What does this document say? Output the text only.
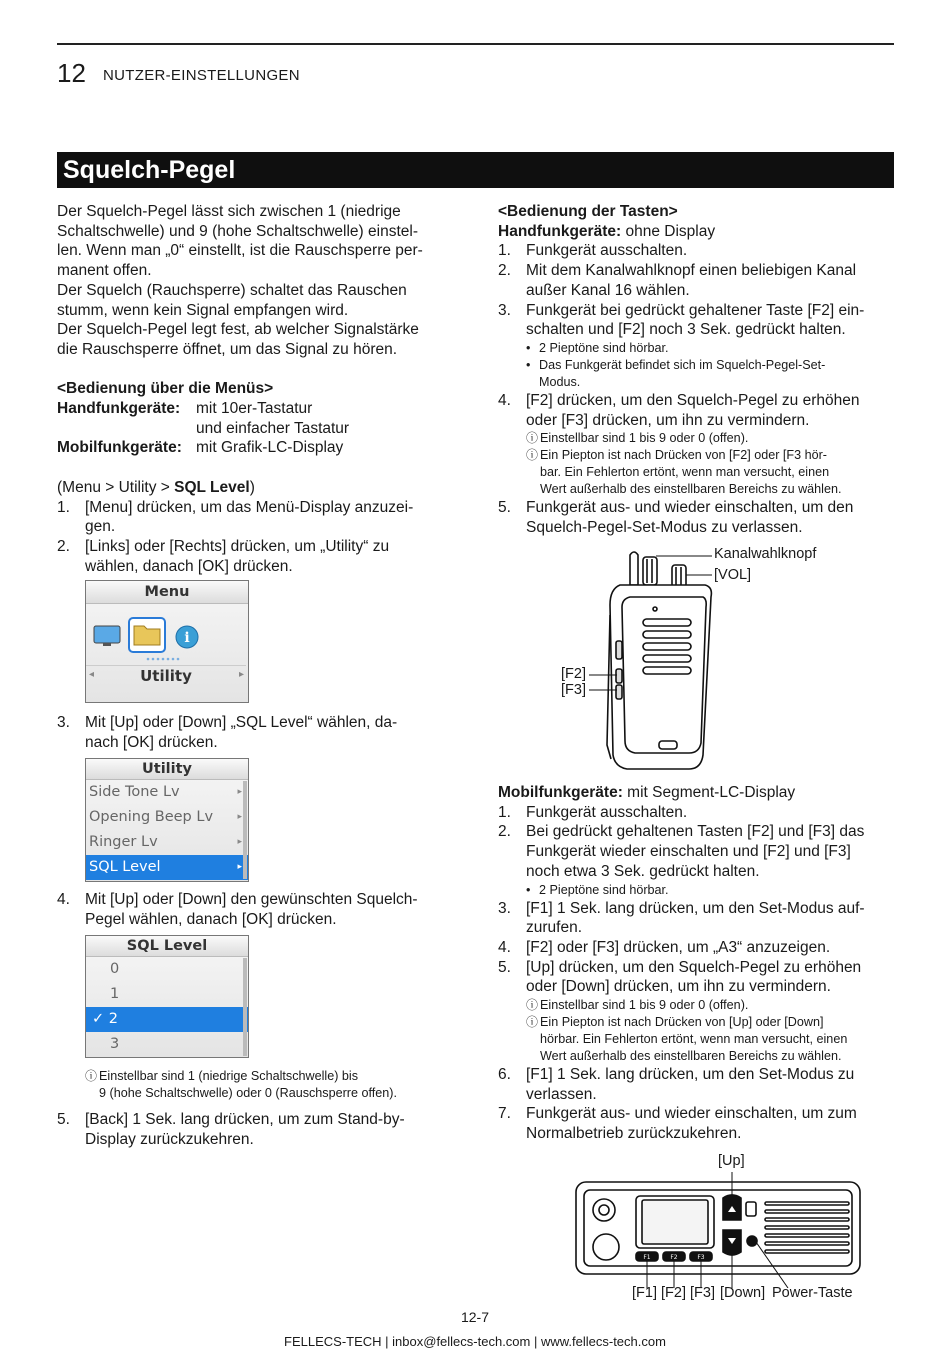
12 NUTZER-EINSTELLUNGEN
Squelch-Pegel

Der Squelch-Pegel lässt sich zwischen 1 (niedrige

Schaltschwelle) und 9 (hohe Schaltschwelle) einstel-

len. Wenn man „0“ einstellt, ist die Rauschsperre per-

manent offen.

Der Squelch (Rauchsperre) schaltet das Rauschen

stumm, wenn kein Signal empfangen wird.

Der Squelch-Pegel legt fest, ab welcher Signalstärke

die Rauschsperre öffnet, um das Signal zu hören.

<Bedienung über die Menüs>

Handfunkgeräte:	mit 10er-Tastatur
und einfacher Tastatur
Mobilfunkgeräte: mit Grafik-LC-Display

(Menu > Utility > SQL Level)

1. [Menu] drücken, um das Menü-Display anzuzei-

gen.

2. [Links] oder [Rechts] drücken, um „Utility“ zu

wählen, danach [OK] drücken.

Menu
i
◂	▸
Utility
3. Mit [Up] oder [Down] „SQL Level“ wählen, da-

nach [OK] drücken.

Utility
Side Tone Lv	▸
Opening Beep Lv	▸
Ringer Lv	▸
SQL Level	▸
4. Mit [Up] oder [Down] den gewünschten Squelch-

Pegel wählen, danach [OK] drücken.

SQL Level
0
1
✓ 2
3
ⓘ Einstellbar sind 1 (niedrige Schaltschwelle) bis

9 (hohe Schaltschwelle) oder 0 (Rauschsperre offen).

5. [Back] 1 Sek. lang drücken, um zum Stand-by-

Display zurückzukehren.

<Bedienung der Tasten>

Handfunkgeräte: ohne Display

1. Funkgerät ausschalten.

2. Mit dem Kanalwahlknopf einen beliebigen Kanal

außer Kanal 16 wählen.

3. Funkgerät bei gedrückt gehaltener Taste [F2] ein-

schalten und [F2] noch 3 Sek. gedrückt halten.

• 2 Pieptöne sind hörbar.

• Das Funkgerät befindet sich im Squelch-Pegel-Set-

Modus.

4. [F2] drücken, um den Squelch-Pegel zu erhöhen

oder [F3] drücken, um ihn zu vermindern.

ⓘ Einstellbar sind 1 bis 9 oder 0 (offen).

ⓘ Ein Piepton ist nach Drücken von [F2] oder [F3 hör-

bar. Ein Fehlerton ertönt, wenn man versucht, einen

Wert außerhalb des einstellbaren Bereichs zu wählen.

5. Funkgerät aus- und wieder einschalten, um den

Squelch-Pegel-Set-Modus zu verlassen.

Kanalwahlknopf
[VOL]
[F2]
[F3]

Mobilfunkgeräte: mit Segment-LC-Display

1. Funkgerät ausschalten.

2. Bei gedrückt gehaltenen Tasten [F2] und [F3] das

Funkgerät wieder einschalten und [F2] und [F3]

noch etwa 3 Sek. gedrückt halten.

• 2 Pieptöne sind hörbar.

3. [F1] 1 Sek. lang drücken, um den Set-Modus auf-

zurufen.

4. [F2] oder [F3] drücken, um „A3“ anzuzeigen.

5. [Up] drücken, um den Squelch-Pegel zu erhöhen

oder [Down] drücken, um ihn zu vermindern.

ⓘ Einstellbar sind 1 bis 9 oder 0 (offen).

ⓘ Ein Piepton ist nach Drücken von [Up] oder [Down]

hörbar. Ein Fehlerton ertönt, wenn man versucht, einen

Wert außerhalb des einstellbaren Bereichs zu wählen.

6. [F1] 1 Sek. lang drücken, um den Set-Modus zu

verlassen.

7. Funkgerät aus- und wieder einschalten, um zum

Normalbetrieb zurückzukehren.

[Up]
F1	F2	F3
[F1] [F2] [F3] [Down] Power-Taste
12-7
FELLECS-TECH | inbox@fellecs-tech.com | www.fellecs-tech.com
